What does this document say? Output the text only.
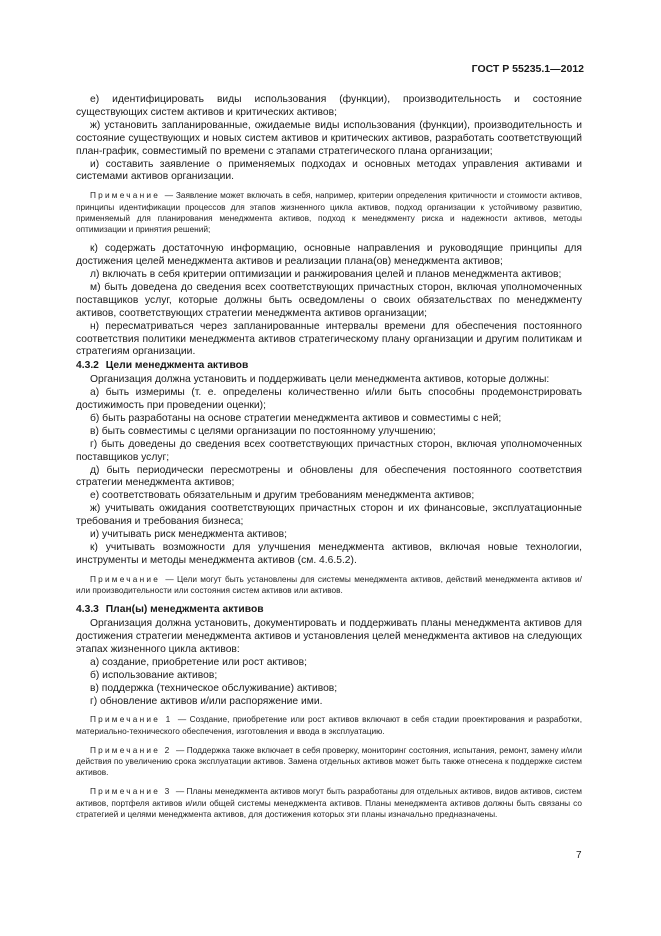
ГОСТ Р 55235.1—2012

е) идентифицировать виды использования (функции), производительность и состояние существующих систем активов и критических активов;

ж) установить запланированные, ожидаемые виды использования (функции), производительность и состояние существующих и новых систем активов и критических активов, разработать соответствующий план-график, совместимый по времени с этапами стратегического плана организации;

и) составить заявление о применяемых подходах и основных методах управления активами и системами активов организации.

Примечание — Заявление может включать в себя, например, критерии определения критичности и стоимости активов, принципы идентификации процессов для этапов жизненного цикла активов, подход организации к устойчивому развитию, применяемый для планирования менеджмента активов, подход к менеджменту риска и надежности активов, методы оптимизации и принятия решений;

к) содержать достаточную информацию, основные направления и руководящие принципы для достижения целей менеджмента активов и реализации плана(ов) менеджмента активов;

л) включать в себя критерии оптимизации и ранжирования целей и планов менеджмента активов;

м) быть доведена до сведения всех соответствующих причастных сторон, включая уполномоченных поставщиков услуг, которые должны быть осведомлены о своих обязательствах по менеджменту активов, соответствующих стратегии менеджмента активов организации;

н) пересматриваться через запланированные интервалы времени для обеспечения постоянного соответствия политики менеджмента активов стратегическому плану организации и другим политикам и стратегиям организации.

4.3.2 Цели менеджмента активов

Организация должна установить и поддерживать цели менеджмента активов, которые должны:

а) быть измеримы (т. е. определены количественно и/или быть способны продемонстрировать достижимость при проведении оценки);

б) быть разработаны на основе стратегии менеджмента активов и совместимы с ней;

в) быть совместимы с целями организации по постоянному улучшению;

г) быть доведены до сведения всех соответствующих причастных сторон, включая уполномоченных поставщиков услуг;

д) быть периодически пересмотрены и обновлены для обеспечения постоянного соответствия стратегии менеджмента активов;

е) соответствовать обязательным и другим требованиям менеджмента активов;

ж) учитывать ожидания соответствующих причастных сторон и их финансовые, эксплуатационные требования и требования бизнеса;

и) учитывать риск менеджмента активов;

к) учитывать возможности для улучшения менеджмента активов, включая новые технологии, инструменты и методы менеджмента активов (см. 4.6.5.2).

Примечание — Цели могут быть установлены для системы менеджмента активов, действий менеджмента активов и/или производительности или состояния систем активов или активов.

4.3.3 План(ы) менеджмента активов

Организация должна установить, документировать и поддерживать планы менеджмента активов для достижения стратегии менеджмента активов и установления целей менеджмента активов на следующих этапах жизненного цикла активов:

а) создание, приобретение или рост активов;

б) использование активов;

в) поддержка (техническое обслуживание) активов;

г) обновление активов и/или распоряжение ими.

Примечание 1 — Создание, приобретение или рост активов включают в себя стадии проектирования и разработки, материально-технического обеспечения, изготовления и ввода в эксплуатацию.

Примечание 2 — Поддержка также включает в себя проверку, мониторинг состояния, испытания, ремонт, замену и/или действия по увеличению срока эксплуатации активов. Замена отдельных активов может быть также отнесена к поддержке систем активов.

Примечание 3 — Планы менеджмента активов могут быть разработаны для отдельных активов, видов активов, систем активов, портфеля активов и/или общей системы менеджмента активов. Планы менеджмента активов должны быть связаны со стратегией и целями менеджмента активов, для достижения которых эти планы изначально предназначены.

7
